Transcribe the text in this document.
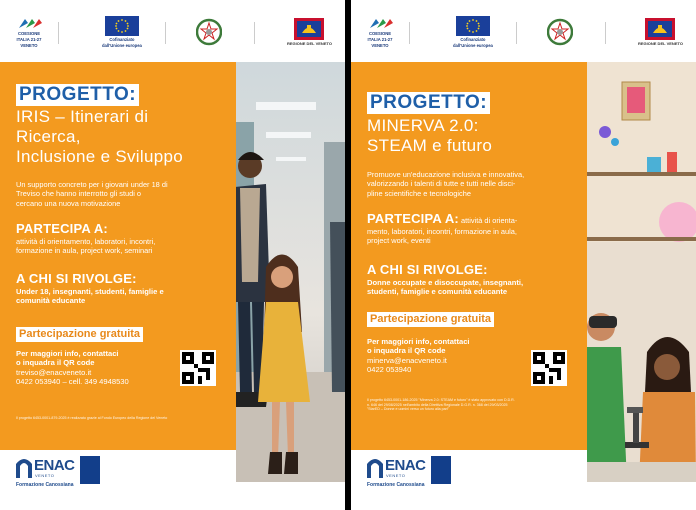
COESIONE
ITALIA 21-27
VENETO
Cofinanziato
dall'Unione europea	REGIONE DEL VENETO
PROGETTO:
IRIS – Itinerari di
Ricerca,
Inclusione e Sviluppo
Un supporto concreto per i giovani under 18 di
Treviso che hanno interrotto gli studi o
cercano una nuova motivazione
PARTECIPA A:
attività di orientamento, laboratori, incontri,
formazione in aula, project work, seminari
A CHI SI RIVOLGE:
Under 18, insegnanti, studenti, famiglie e
comunità educante
Partecipazione gratuita
Per maggiori info, contattaci
o inquadra il QR code
treviso@enacveneto.it
0422 053940 – cell. 349 4948530
Il progetto 6453-0001-879-2025 è realizzato grazie al Fondo Europeo della Regione del Veneto
ENAC
VENETO
Formazione Canossiana
COESIONE
ITALIA 21-27
VENETO
Cofinanziato
dall'Unione europea	REGIONE DEL VENETO
PROGETTO:
MINERVA 2.0:
STEAM e futuro
Promuove un'educazione inclusiva e innovativa,
valorizzando i talenti di tutte e tutti nelle disci-
pline scientifiche e tecnologiche
PARTECIPA A: attività di orienta-
mento, laboratori, incontri, formazione in aula,
project work, eventi
A CHI SI RIVOLGE:
Donne occupate e disoccupate, insegnanti,
studenti, famiglie e comunità educante
Partecipazione gratuita
Per maggiori info, contattaci
o inquadra il QR code
minerva@enacveneto.it
0422 053940
Il progetto 6453-0001-186-2025 "Minerva 2.0: STEAM e futuro" è stato approvato con D.D.R.
n. 646 del 29/08/2025 nell'ambito della Direttiva Regionale D.G.R. n. 368 del 29/03/2025
"StarED – Donne e uomini verso un futuro alla pari"
ENAC
VENETO
Formazione Canossiana
